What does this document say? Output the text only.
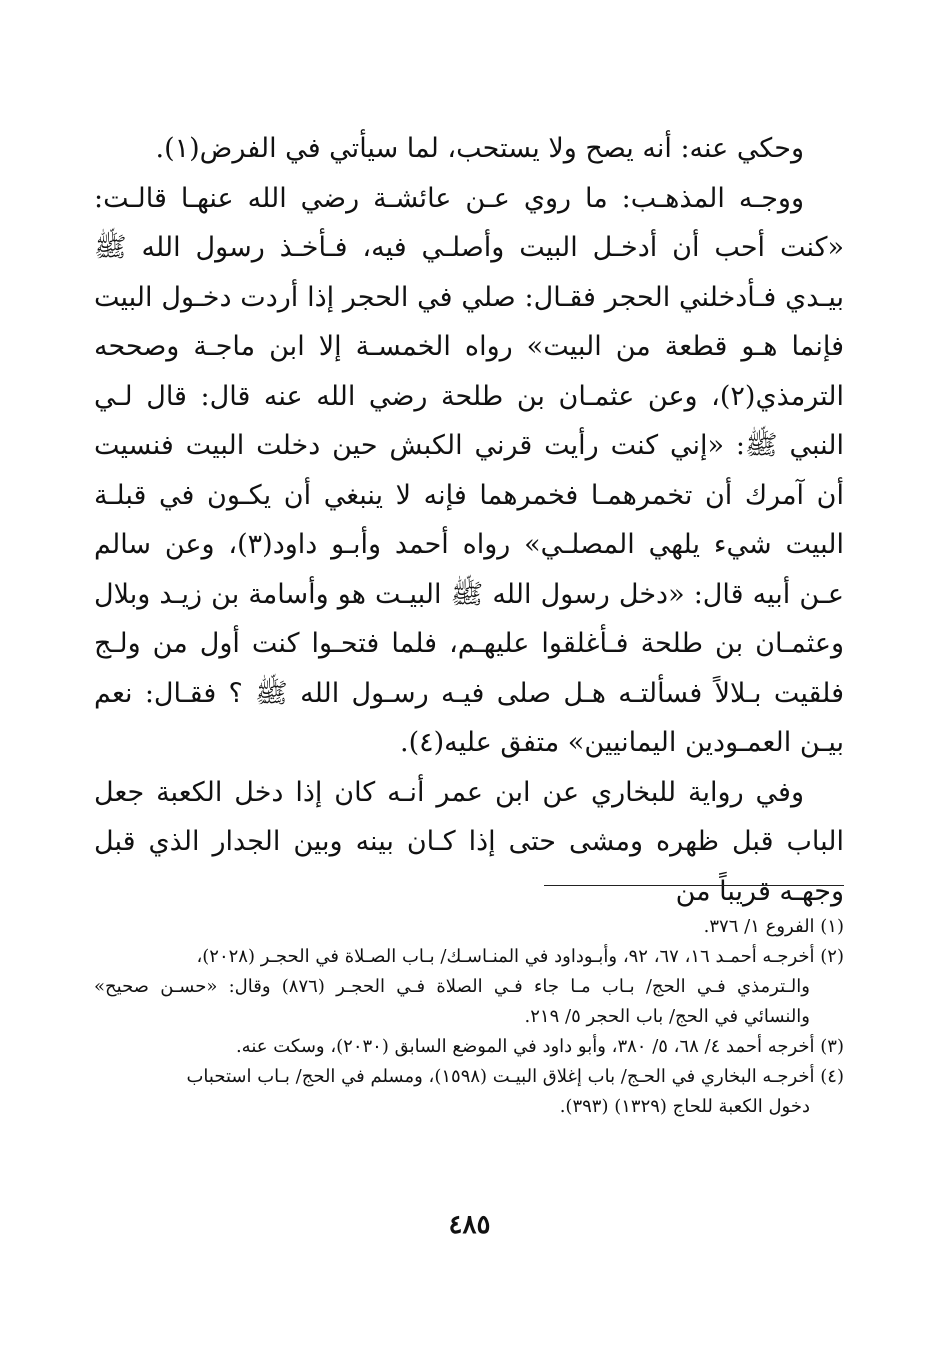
وحكي عنه: أنه يصح ولا يستحب، لما سيأتي في الفرض(١).

ووجـه المذهـب: ما روي عـن عائشـة رضي الله عنهـا قالـت: «كنت أحب أن أدخـل البيت وأصلـي فيه، فـأخـذ رسول الله ﷺ بيـدي فـأدخلني الحجر فقـال: صلي في الحجر إذا أردت دخـول البيت فإنما هـو قطعة من البيت» رواه الخمسـة إلا ابن ماجـة وصححه الترمذي(٢)، وعن عثمـان بن طلحة رضي الله عنه قال: قال لـي النبي ﷺ: «إني كنت رأيت قرني الكبش حين دخلت البيت فنسيت أن آمرك أن تخمرهمـا فخمرهما فإنه لا ينبغي أن يكـون في قبلـة البيت شيء يلهي المصلـي» رواه أحمد وأبـو داود(٣)، وعن سالم عـن أبيه قال: «دخل رسول الله ﷺ البيـت هو وأسامة بن زيـد وبلال وعثمـان بن طلحة فـأغلقوا عليهـم، فلما فتحـوا كنت أول من ولـج فلقيت بـلالاً فسألتـه هـل صلى فيـه رسـول الله ﷺ ؟ فقـال: نعم بيـن العمـودين اليمانيين» متفق عليه(٤).

وفي رواية للبخاري عن ابن عمر أنـه كان إذا دخل الكعبة جعل الباب قبل ظهره ومشى حتى إذا كـان بينه وبين الجدار الذي قبل وجهـه قريباً من

(١) الفروع ١/ ٣٧٦.
(٢) أخرجـه أحمـد ١٦، ٦٧، ٩٢، وأبـوداود في المنـاسـك/ بـاب الصـلاة في الحجـر (٢٠٢٨)،
والـترمذي فـي الحج/ بـاب مـا جاء فـي الصلاة فـي الحجـر (٨٧٦) وقال: «حسـن صحيح» والنسائي في الحج/ باب الحجر ٥/ ٢١٩.
(٣) أخرجه أحمد ٤/ ٦٨، ٥/ ٣٨٠، وأبو داود في الموضع السابق (٢٠٣٠)، وسكت عنه.
(٤) أخرجـه البخاري في الحـج/ باب إغلاق البيـت (١٥٩٨)، ومسلم في الحج/ بـاب استحباب
دخول الكعبة للحاج (١٣٢٩) (٣٩٣).
٤٨٥
